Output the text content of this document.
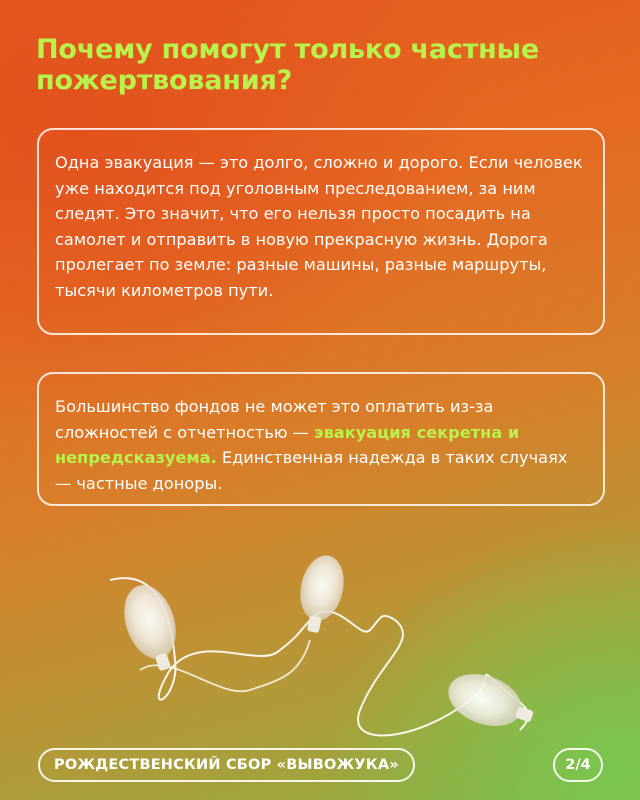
Почему помогут только частные пожертвования?

Одна эвакуация — это долго, сложно и дорого. Если человек уже находится под уголовным преследованием, за ним следят. Это значит, что его нельзя просто посадить на самолет и отправить в новую прекрасную жизнь. Дорога пролегает по земле: разные машины, разные маршруты, тысячи километров пути.

Большинство фондов не может это оплатить из-за сложностей с отчетностью — эвакуация секретна и непредсказуема. Единственная надежда в таких случаях — частные доноры.

РОЖДЕСТВЕНСКИЙ СБОР «ВЫВОЖУКА»	2/4
